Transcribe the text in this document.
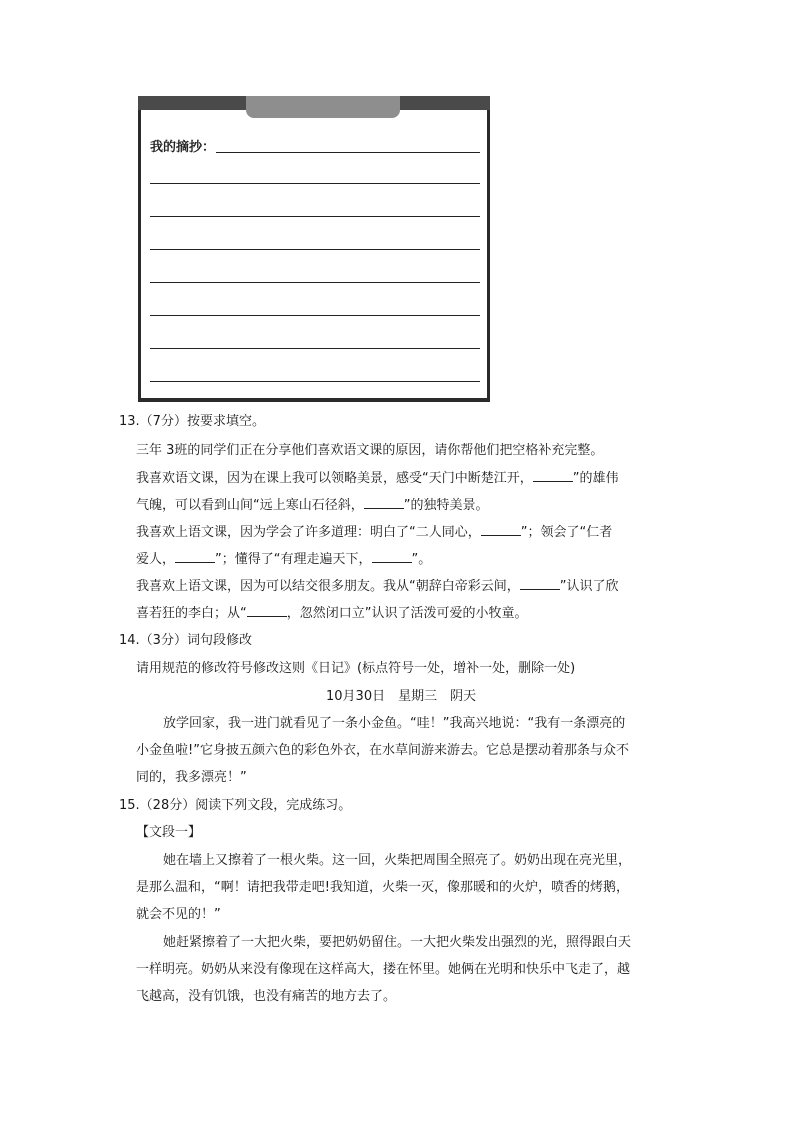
我的摘抄：
13.（7分）按要求填空。
三年 3班的同学们正在分享他们喜欢语文课的原因，请你帮他们把空格补充完整。
我喜欢语文课，因为在课上我可以领略美景，感受“天门中断楚江开，	”的雄伟
气魄，可以看到山间“远上寒山石径斜，	”的独特美景。
我喜欢上语文课，因为学会了许多道理：明白了“二人同心，	”；领会了“仁者
爱人，	”；懂得了“有理走遍天下，	”。
我喜欢上语文课，因为可以结交很多朋友。我从“朝辞白帝彩云间，	”认识了欣
喜若狂的李白；从“	，忽然闭口立”认识了活泼可爱的小牧童。
14.（3分）词句段修改
请用规范的修改符号修改这则《日记》(标点符号一处，增补一处，删除一处)
10月30日　星期三　阴天
放学回家，我一进门就看见了一条小金鱼。“哇！”我高兴地说：“我有一条漂亮的
小金鱼啦!”它身披五颜六色的彩色外衣，在水草间游来游去。它总是摆动着那条与众不
同的，我多漂亮！”
15.（28分）阅读下列文段，完成练习。
【文段一】
她在墙上又擦着了一根火柴。这一回，火柴把周围全照亮了。奶奶出现在亮光里，
是那么温和，“啊！请把我带走吧!我知道，火柴一灭，像那暖和的火炉，喷香的烤鹅，
就会不见的！”
她赶紧擦着了一大把火柴，要把奶奶留住。一大把火柴发出强烈的光，照得跟白天
一样明亮。奶奶从来没有像现在这样高大，搂在怀里。她俩在光明和快乐中飞走了，越
飞越高，没有饥饿，也没有痛苦的地方去了。
